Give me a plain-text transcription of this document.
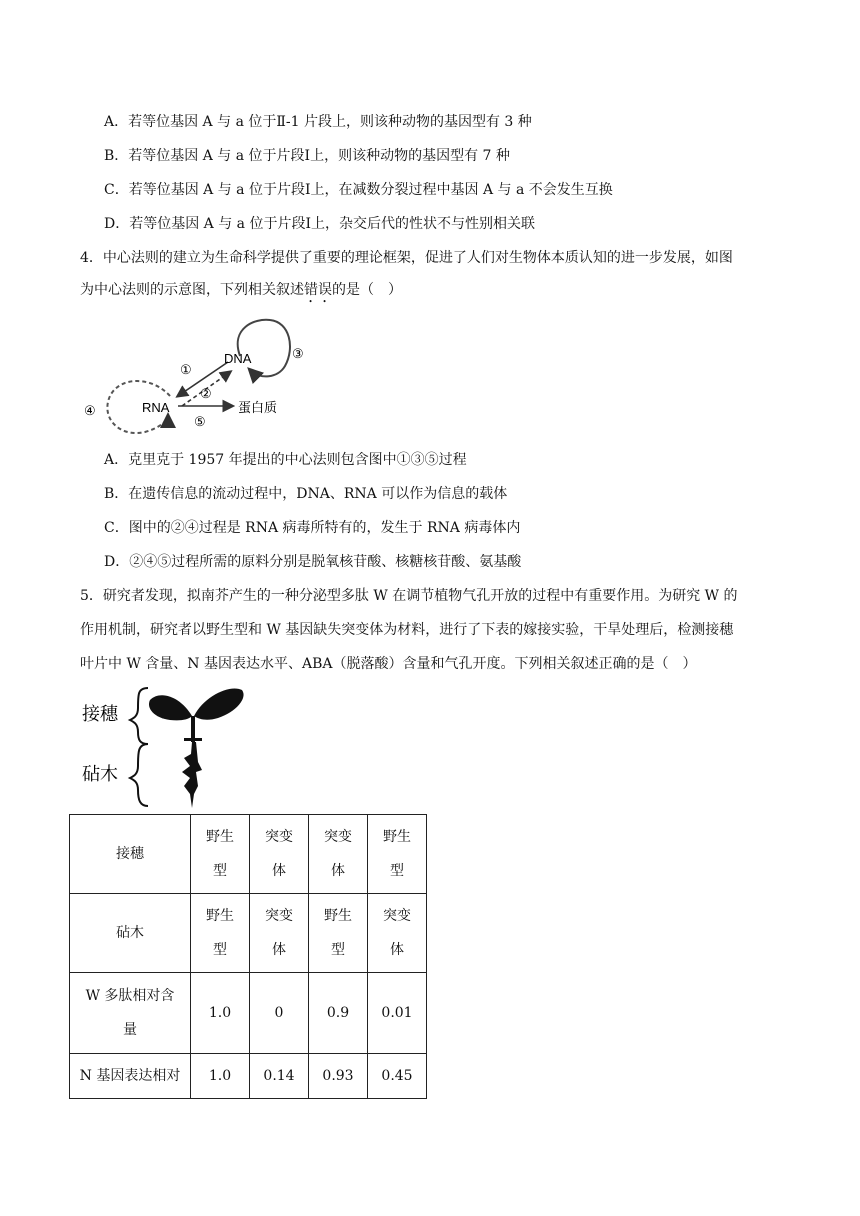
A．若等位基因 A 与 a 位于Ⅱ-1 片段上，则该种动物的基因型有 3 种
B．若等位基因 A 与 a 位于片段Ⅰ上，则该种动物的基因型有 7 种
C．若等位基因 A 与 a 位于片段Ⅰ上，在减数分裂过程中基因 A 与 a 不会发生互换
D．若等位基因 A 与 a 位于片段Ⅰ上，杂交后代的性状不与性别相关联
4．中心法则的建立为生命科学提供了重要的理论框架，促进了人们对生物体本质认知的进一步发展，如图
为中心法则的示意图，下列相关叙述错误的是（　）
DNA
RNA	蛋白质
①
②
③
④
⑤
A．克里克于 1957 年提出的中心法则包含图中①③⑤过程
B．在遗传信息的流动过程中，DNA、RNA 可以作为信息的载体
C．图中的②④过程是 RNA 病毒所特有的，发生于 RNA 病毒体内
D．②④⑤过程所需的原料分别是脱氧核苷酸、核糖核苷酸、氨基酸
5．研究者发现，拟南芥产生的一种分泌型多肽 W 在调节植物气孔开放的过程中有重要作用。为研究 W 的
作用机制，研究者以野生型和 W 基因缺失突变体为材料，进行了下表的嫁接实验，干旱处理后，检测接穗
叶片中 W 含量、N 基因表达水平、ABA（脱落酸）含量和气孔开度。下列相关叙述正确的是（　）
接穗
砧木
接穗	野生型	突变体	突变体	野生型
砧木	野生型	突变体	野生型	突变体
W 多肽相对含量	1.0	0	0.9	0.01
N 基因表达相对	1.0	0.14	0.93	0.45
